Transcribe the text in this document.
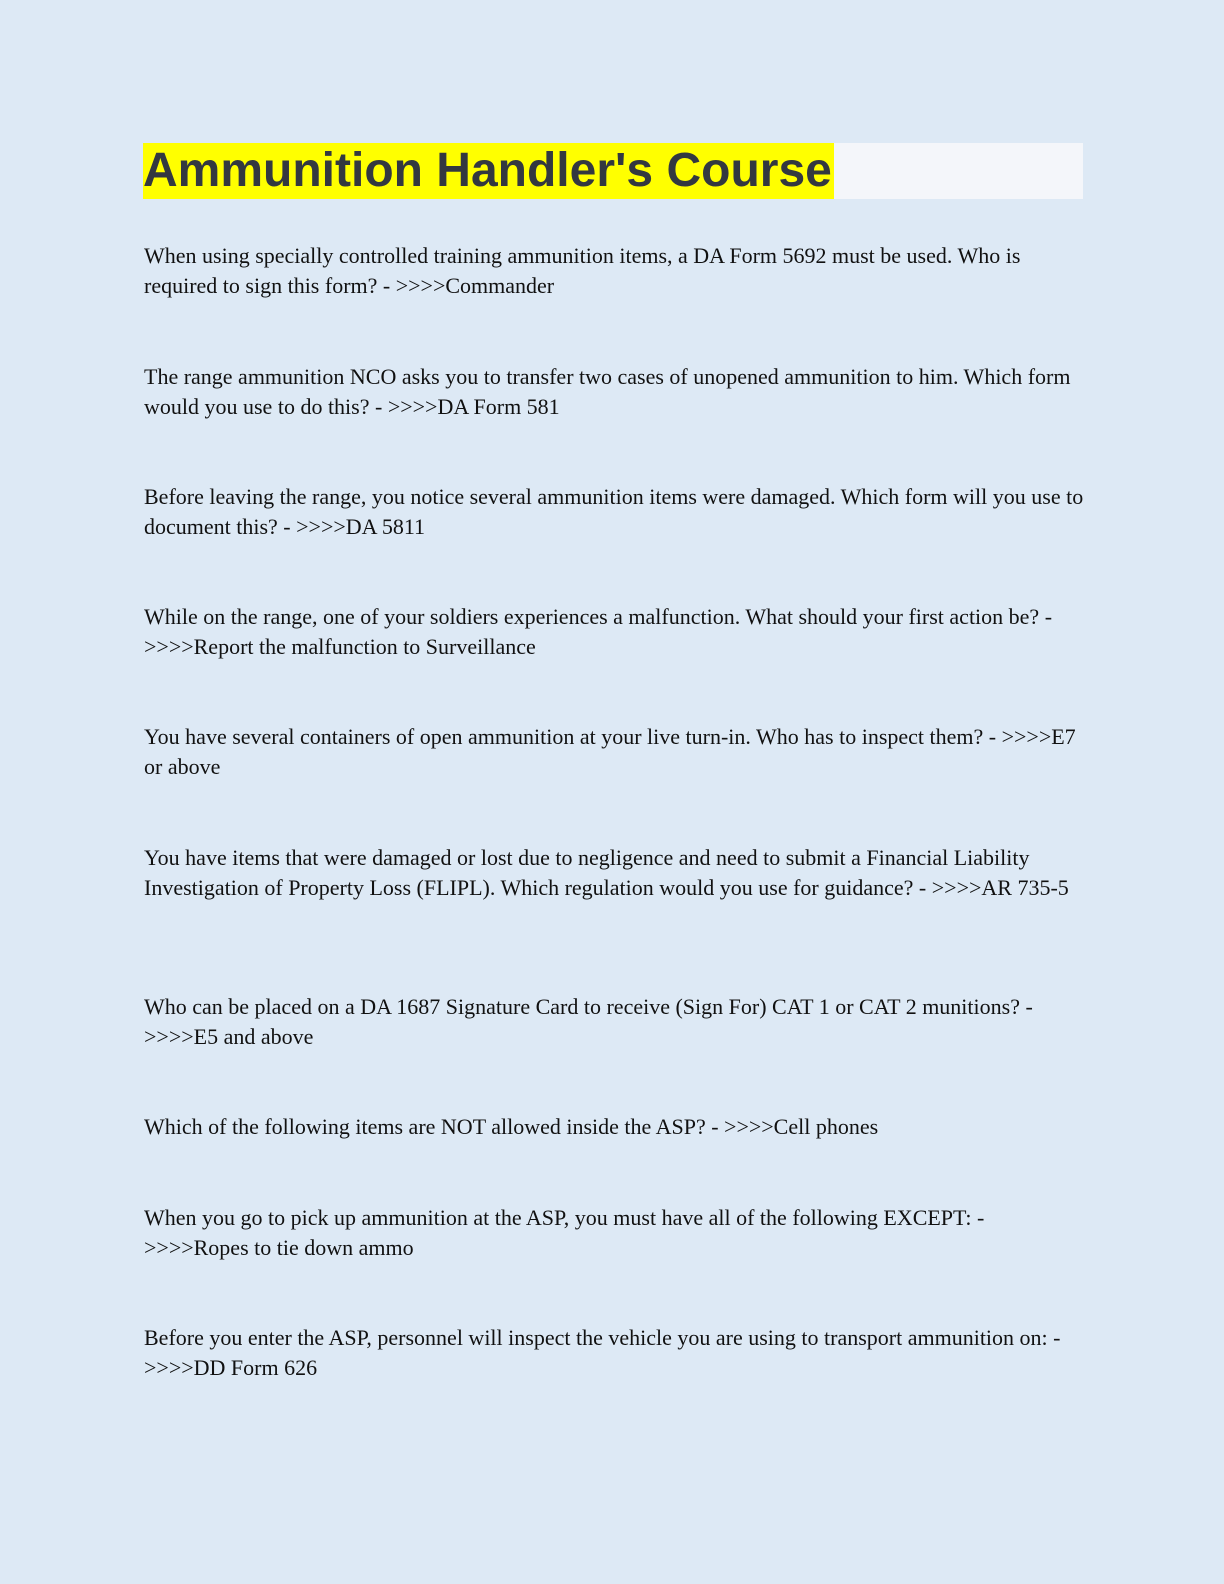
Ammunition Handler's Course

When using specially controlled training ammunition items, a DA Form 5692 must be used. Who is required to sign this form? - >>>>Commander

The range ammunition NCO asks you to transfer two cases of unopened ammunition to him. Which form would you use to do this? - >>>>DA Form 581

Before leaving the range, you notice several ammunition items were damaged. Which form will you use to document this? - >>>>DA 5811

While on the range, one of your soldiers experiences a malfunction. What should your first action be? - >>>>Report the malfunction to Surveillance

You have several containers of open ammunition at your live turn-in. Who has to inspect them? - >>>>E7 or above

You have items that were damaged or lost due to negligence and need to submit a Financial Liability Investigation of Property Loss (FLIPL). Which regulation would you use for guidance? - >>>>AR 735-5

Who can be placed on a DA 1687 Signature Card to receive (Sign For) CAT 1 or CAT 2 munitions? - >>>>E5 and above

Which of the following items are NOT allowed inside the ASP? - >>>>Cell phones

When you go to pick up ammunition at the ASP, you must have all of the following EXCEPT: - >>>>Ropes to tie down ammo

Before you enter the ASP, personnel will inspect the vehicle you are using to transport ammunition on: - >>>>DD Form 626
